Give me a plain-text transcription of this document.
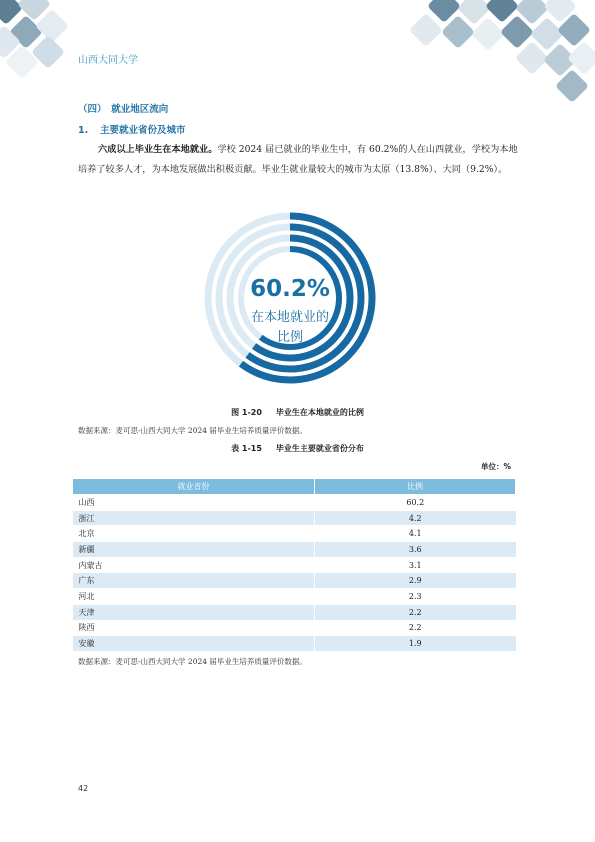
山西大同大学
（四）　就业地区流向
1. 主要就业省份及城市
六成以上毕业生在本地就业。学校 2024 届已就业的毕业生中，有 60.2%的人在山西就业，学校为本地培养了较多人才，为本地发展做出积极贡献。毕业生就业量较大的城市为太原（13.8%）、大同（9.2%）。
60.2%
在本地就业的
比例
图 1-20 毕业生在本地就业的比例
数据来源：麦可思-山西大同大学 2024 届毕业生培养质量评价数据。
表 1-15 毕业生主要就业省份分布
单位：%
就业省份	比例
山西	60.2
浙江	4.2
北京	4.1
新疆	3.6
内蒙古	3.1
广东	2.9
河北	2.3
天津	2.2
陕西	2.2
安徽	1.9
数据来源：麦可思-山西大同大学 2024 届毕业生培养质量评价数据。
42
